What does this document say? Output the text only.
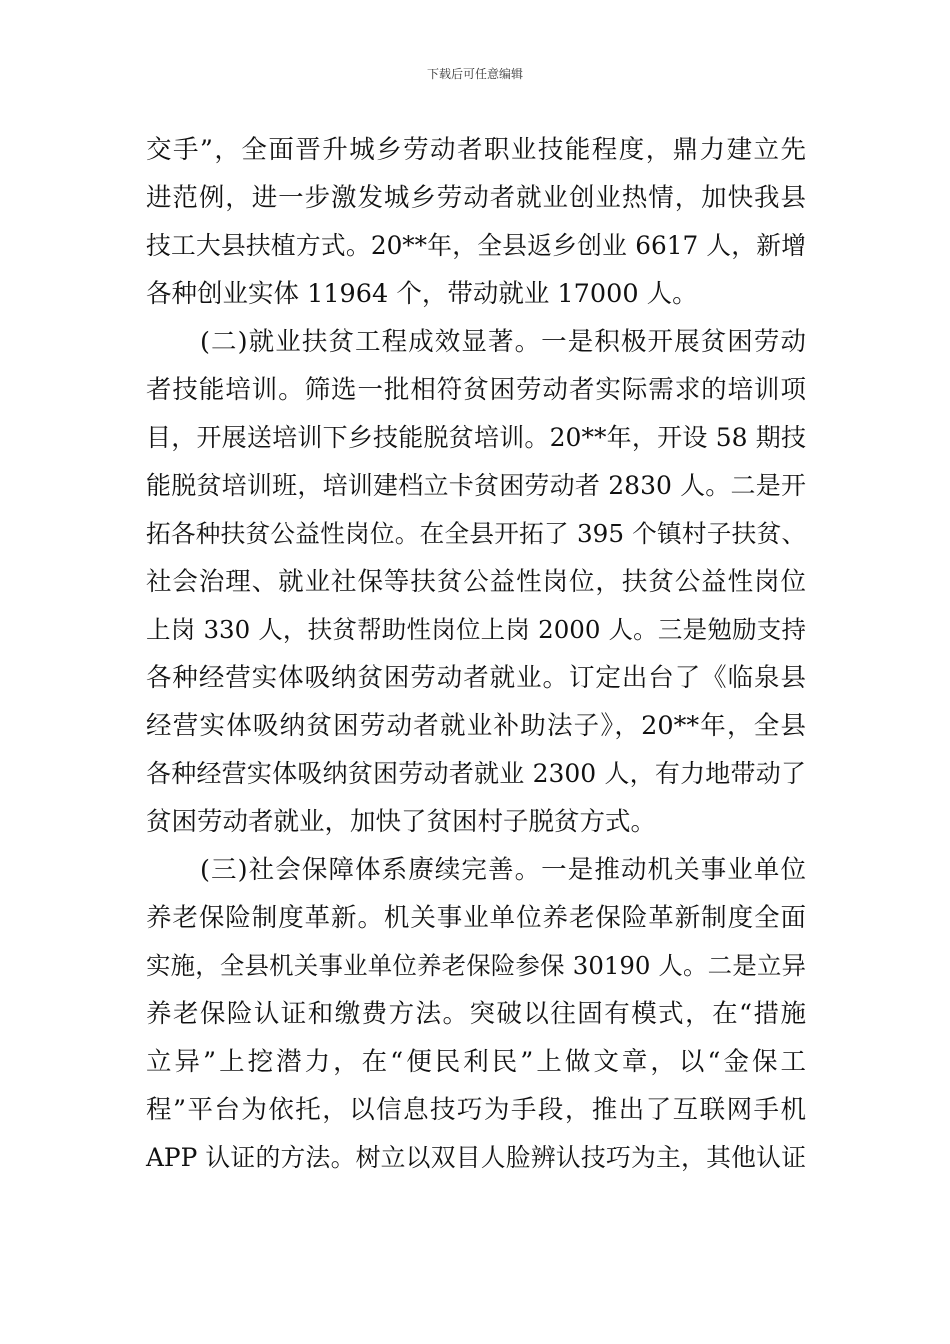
下载后可任意编辑
交手”，全面晋升城乡劳动者职业技能程度，鼎力建立先
进范例，进一步激发城乡劳动者就业创业热情，加快我县
技工大县扶植方式。20**年，全县返乡创业 6617 人，新增
各种创业实体 11964 个，带动就业 17000 人。
(二)就业扶贫工程成效显著。一是积极开展贫困劳动
者技能培训。筛选一批相符贫困劳动者实际需求的培训项
目，开展送培训下乡技能脱贫培训。20**年，开设 58 期技
能脱贫培训班，培训建档立卡贫困劳动者 2830 人。二是开
拓各种扶贫公益性岗位。在全县开拓了 395 个镇村子扶贫、
社会治理、就业社保等扶贫公益性岗位，扶贫公益性岗位
上岗 330 人，扶贫帮助性岗位上岗 2000 人。三是勉励支持
各种经营实体吸纳贫困劳动者就业。订定出台了《临泉县
经营实体吸纳贫困劳动者就业补助法子》，20**年，全县
各种经营实体吸纳贫困劳动者就业 2300 人，有力地带动了
贫困劳动者就业，加快了贫困村子脱贫方式。
(三)社会保障体系赓续完善。一是推动机关事业单位
养老保险制度革新。机关事业单位养老保险革新制度全面
实施，全县机关事业单位养老保险参保 30190 人。二是立异
养老保险认证和缴费方法。突破以往固有模式，在“措施
立异”上挖潜力，在“便民利民”上做文章，以“金保工
程”平台为依托，以信息技巧为手段，推出了互联网手机
APP 认证的方法。树立以双目人脸辨认技巧为主，其他认证
